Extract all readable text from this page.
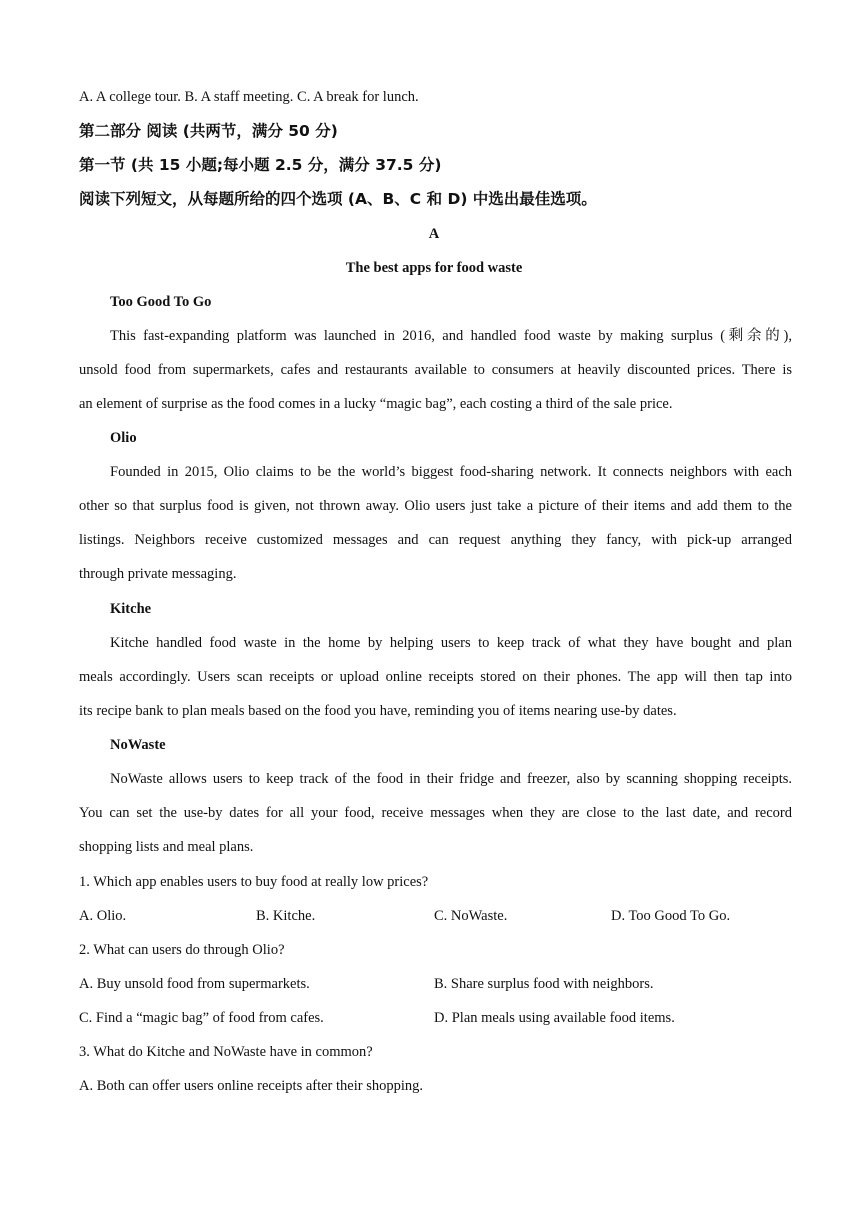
A. A college tour. B. A staff meeting. C. A break for lunch.
第二部分 阅读 (共两节，满分 50 分)
第一节 (共 15 小题;每小题 2.5 分，满分 37.5 分)
阅读下列短文，从每题所给的四个选项 (A、B、C 和 D) 中选出最佳选项。
A
The best apps for food waste
Too Good To Go
This fast-expanding platform was launched in 2016, and handled food waste by making surplus (剩余的),
unsold food from supermarkets, cafes and restaurants available to consumers at heavily discounted prices. There is
an element of surprise as the food comes in a lucky “magic bag”, each costing a third of the sale price.
Olio
Founded in 2015, Olio claims to be the world’s biggest food-sharing network. It connects neighbors with each
other so that surplus food is given, not thrown away. Olio users just take a picture of their items and add them to the
listings. Neighbors receive customized messages and can request anything they fancy, with pick-up arranged
through private messaging.
Kitche
Kitche handled food waste in the home by helping users to keep track of what they have bought and plan
meals accordingly. Users scan receipts or upload online receipts stored on their phones. The app will then tap into
its recipe bank to plan meals based on the food you have, reminding you of items nearing use-by dates.
NoWaste
NoWaste allows users to keep track of the food in their fridge and freezer, also by scanning shopping receipts.
You can set the use-by dates for all your food, receive messages when they are close to the last date, and record
shopping lists and meal plans.
1. Which app enables users to buy food at really low prices?
A. Olio.	B. Kitche.	C. NoWaste.	D. Too Good To Go.
2. What can users do through Olio?
A. Buy unsold food from supermarkets.	B. Share surplus food with neighbors.
C. Find a “magic bag” of food from cafes.	D. Plan meals using available food items.
3. What do Kitche and NoWaste have in common?
A. Both can offer users online receipts after their shopping.
